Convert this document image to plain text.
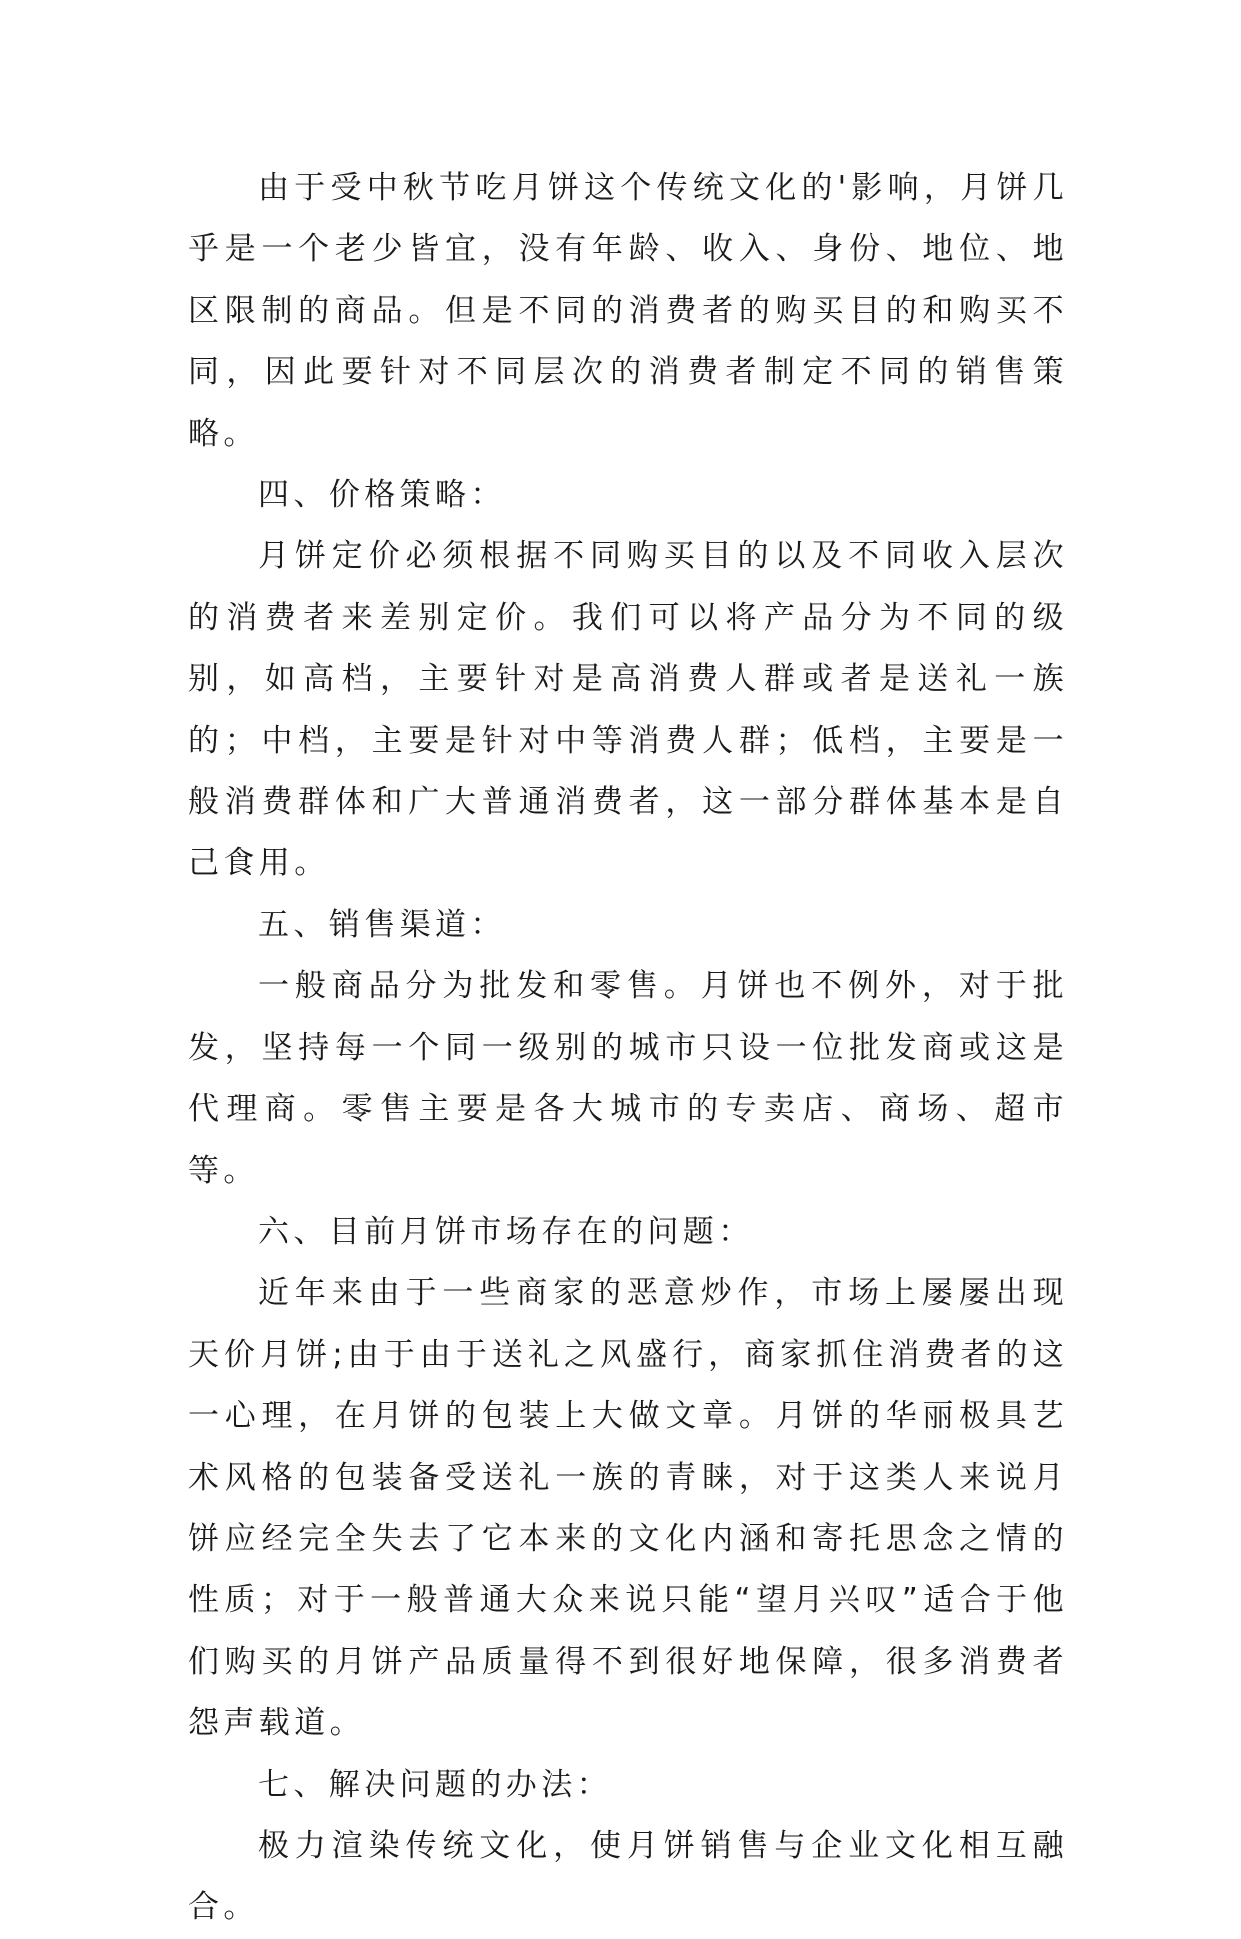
由于受中秋节吃月饼这个传统文化的'影响，月饼几乎是一个老少皆宜，没有年龄、收入、身份、地位、地区限制的商品。但是不同的消费者的购买目的和购买不同，因此要针对不同层次的消费者制定不同的销售策略。

四、价格策略：

月饼定价必须根据不同购买目的以及不同收入层次的消费者来差别定价。我们可以将产品分为不同的级别，如高档，主要针对是高消费人群或者是送礼一族的；中档，主要是针对中等消费人群；低档，主要是一般消费群体和广大普通消费者，这一部分群体基本是自己食用。

五、销售渠道：

一般商品分为批发和零售。月饼也不例外，对于批发，坚持每一个同一级别的城市只设一位批发商或这是代理商。零售主要是各大城市的专卖店、商场、超市等。

六、目前月饼市场存在的问题：

近年来由于一些商家的恶意炒作，市场上屡屡出现天价月饼;由于由于送礼之风盛行，商家抓住消费者的这一心理，在月饼的包装上大做文章。月饼的华丽极具艺术风格的包装备受送礼一族的青睐，对于这类人来说月饼应经完全失去了它本来的文化内涵和寄托思念之情的性质；对于一般普通大众来说只能“望月兴叹”适合于他们购买的月饼产品质量得不到很好地保障，很多消费者怨声载道。

七、解决问题的办法：

极力渲染传统文化，使月饼销售与企业文化相互融合。
